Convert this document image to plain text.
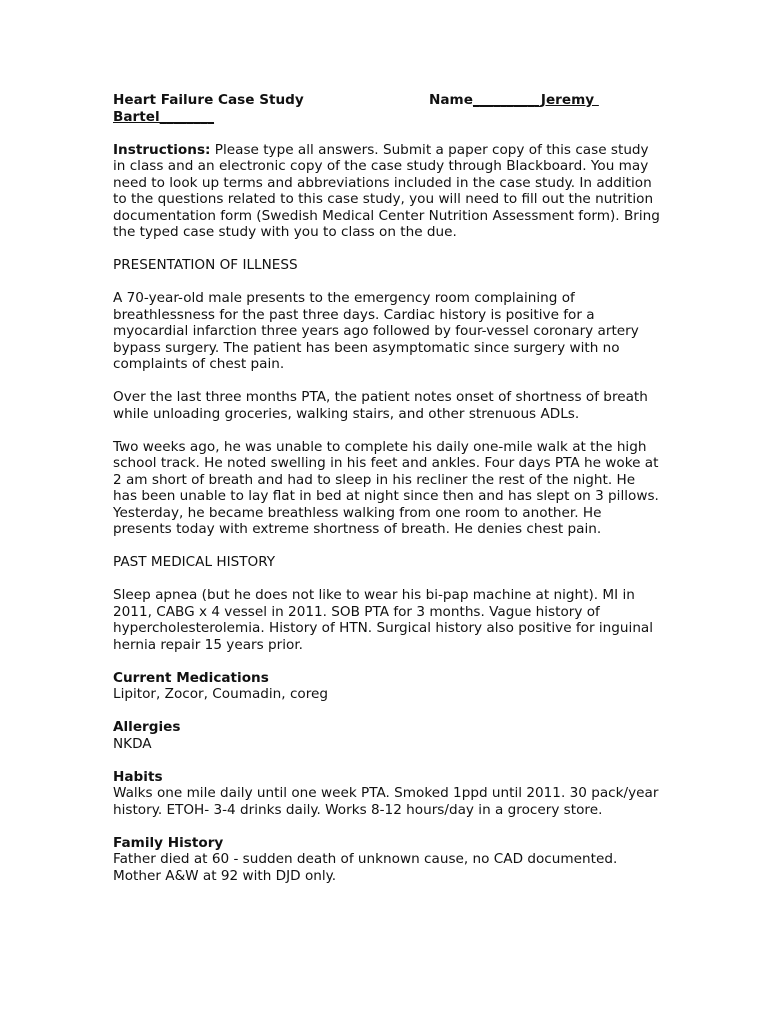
Heart Failure Case Study	Name__________Jeremy
Bartel________

Instructions: Please type all answers. Submit a paper copy of this case study in class and an electronic copy of the case study through Blackboard. You may need to look up terms and abbreviations included in the case study. In addition to the questions related to this case study, you will need to fill out the nutrition documentation form (Swedish Medical Center Nutrition Assessment form). Bring the typed case study with you to class on the due.

PRESENTATION OF ILLNESS

A 70-year-old male presents to the emergency room complaining of breathlessness for the past three days. Cardiac history is positive for a myocardial infarction three years ago followed by four-vessel coronary artery bypass surgery. The patient has been asymptomatic since surgery with no complaints of chest pain.

Over the last three months PTA, the patient notes onset of shortness of breath while unloading groceries, walking stairs, and other strenuous ADLs.

Two weeks ago, he was unable to complete his daily one-mile walk at the high school track. He noted swelling in his feet and ankles. Four days PTA he woke at 2 am short of breath and had to sleep in his recliner the rest of the night. He has been unable to lay flat in bed at night since then and has slept on 3 pillows. Yesterday, he became breathless walking from one room to another. He presents today with extreme shortness of breath. He denies chest pain.

PAST MEDICAL HISTORY

Sleep apnea (but he does not like to wear his bi-pap machine at night). MI in 2011, CABG x 4 vessel in 2011. SOB PTA for 3 months. Vague history of hypercholesterolemia. History of HTN. Surgical history also positive for inguinal hernia repair 15 years prior.

Current Medications

Lipitor, Zocor, Coumadin, coreg

Allergies

NKDA

Habits

Walks one mile daily until one week PTA. Smoked 1ppd until 2011. 30 pack/year history. ETOH- 3-4 drinks daily. Works 8-12 hours/day in a grocery store.

Family History

Father died at 60 - sudden death of unknown cause, no CAD documented.

Mother A&W at 92 with DJD only.
